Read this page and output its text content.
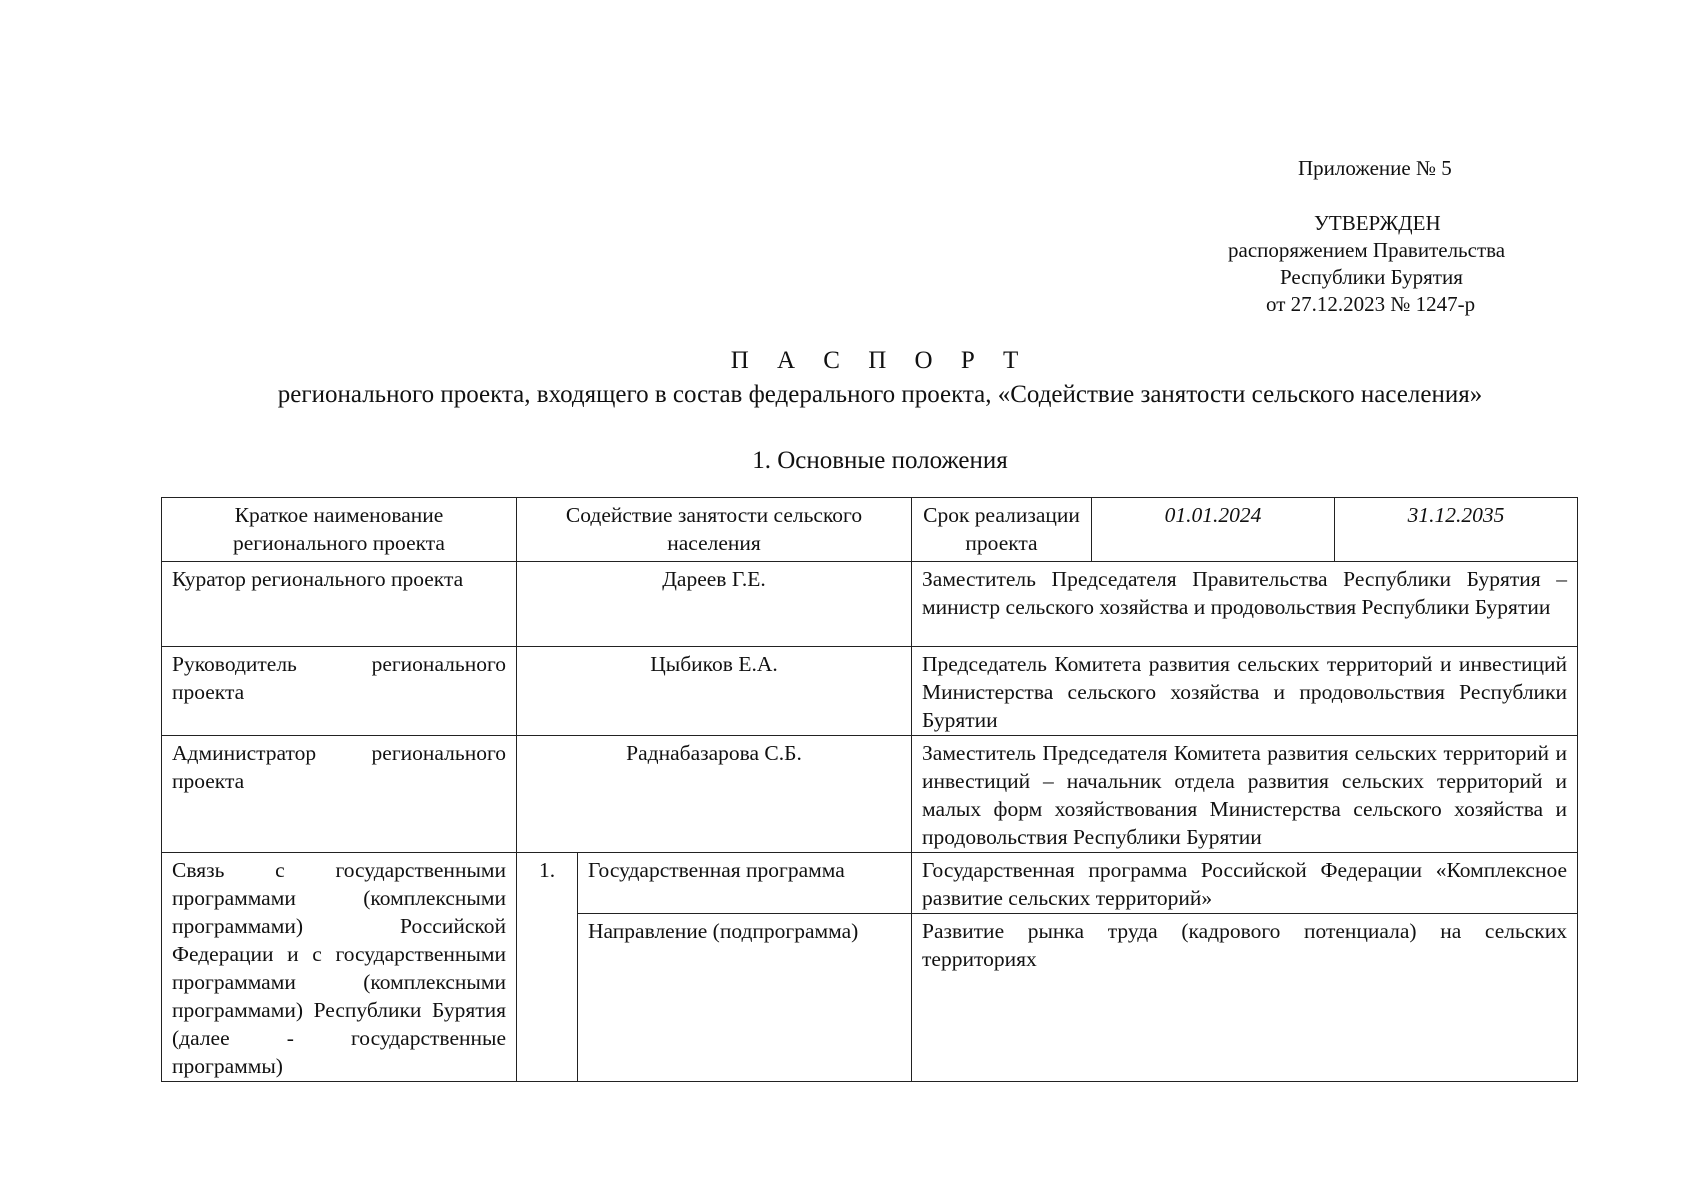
Приложение № 5
УТВЕРЖДЕН
распоряжением Правительства
Республики Бурятия
от 27.12.2023 № 1247-р
П А С П О Р Т
регионального проекта, входящего в состав федерального проекта, «Содействие занятости сельского населения»
1. Основные положения
Краткое наименование регионального проекта	Содействие занятости сельского населения		Срок реализации проекта	01.01.2024	31.12.2035
Куратор регионального проекта	Дареев Г.Е.		Заместитель Председателя Правительства Республики Бурятия – министр сельского хозяйства и продовольствия Республики Бурятии		
Руководитель регионального проекта	Цыбиков Е.А.		Председатель Комитета развития сельских территорий и инвестиций Министерства сельского хозяйства и продовольствия Республики Бурятии		
Администратор регионального проекта	Раднабазарова С.Б.		Заместитель Председателя Комитета развития сельских территорий и инвестиций – начальник отдела развития сельских территорий и малых форм хозяйствования Министерства сельского хозяйства и продовольствия Республики Бурятии		
Связь с государственными программами (комплексными программами) Российской Федерации и с государственными программами (комплексными программами) Республики Бурятия (далее - государственные программы)	1.	Государственная программа	Государственная программа Российской Федерации «Комплексное развитие сельских территорий»		
		Направление (подпрограмма)	Развитие рынка труда (кадрового потенциала) на сельских территориях		
